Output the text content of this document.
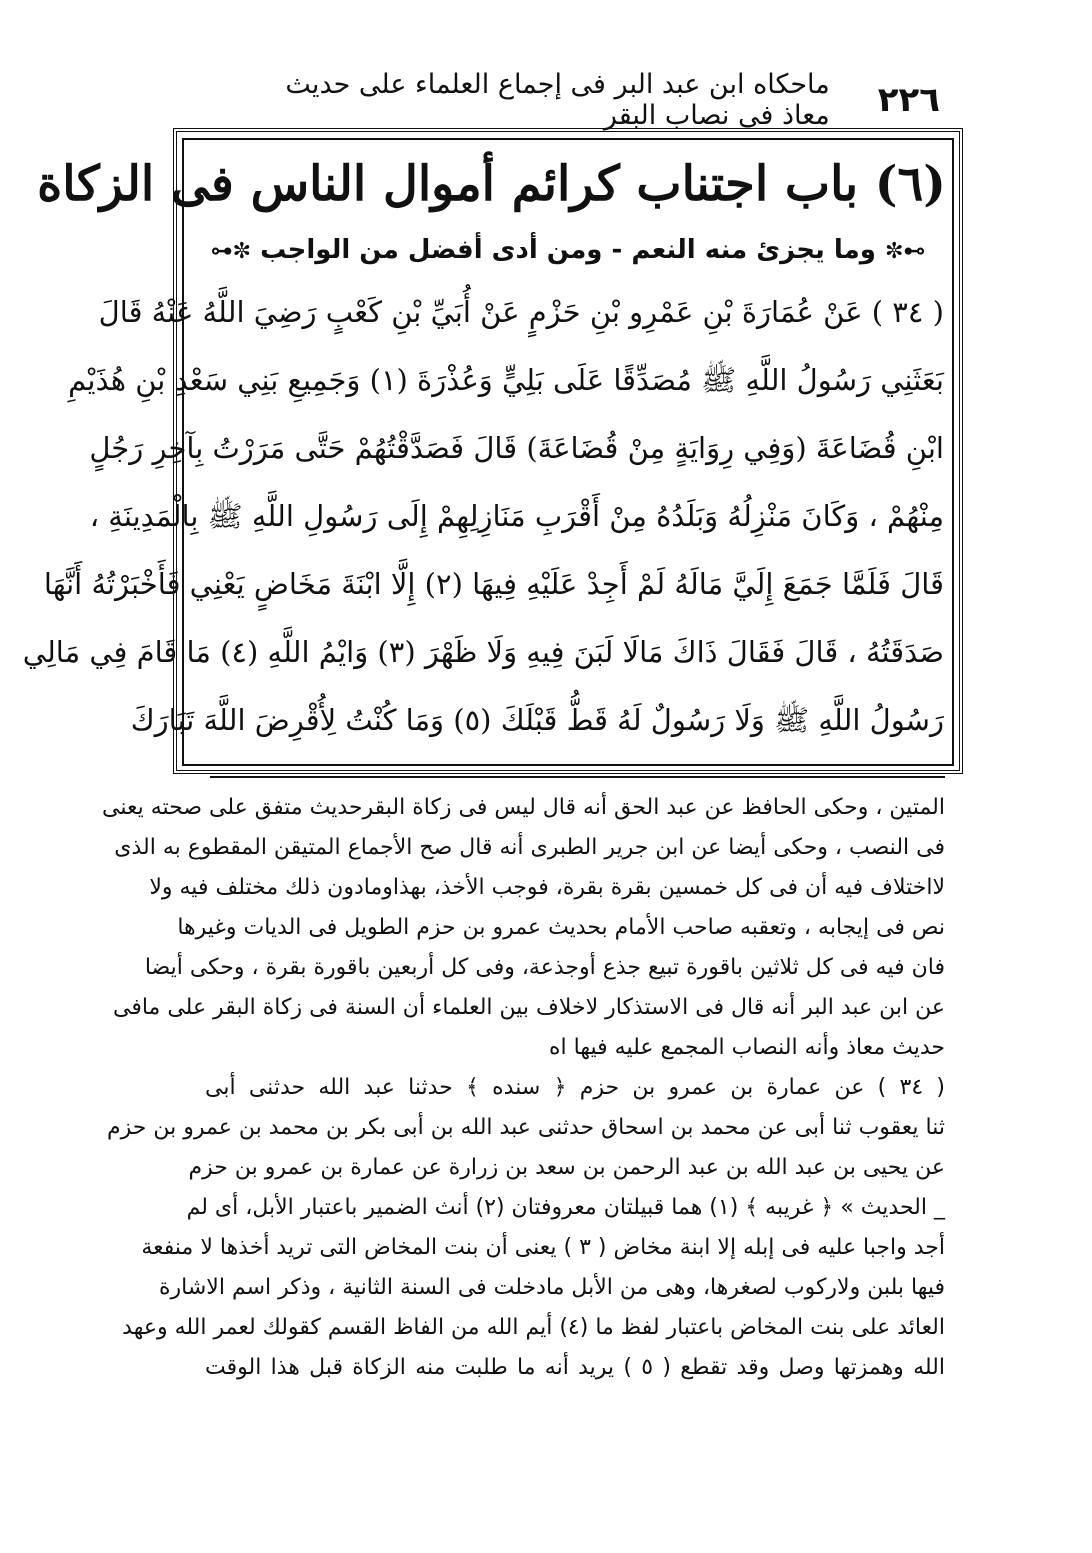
٢٢٦
ماحكاه ابن عبد البر فى إجماع العلماء على حديث معاذ فى نصاب البقر
(٦) باب اجتناب كرائم أموال الناس فى الزكاة
⊶✼ وما يجزئ منه النعم - ومن أدى أفضل من الواجب ✼⊷
( ٣٤ ) عَنْ عُمَارَةَ بْنِ عَمْرِو بْنِ حَزْمٍ عَنْ أُبَيِّ بْنِ كَعْبٍ رَضِيَ اللَّهُ عَنْهُ قَالَ
بَعَثَنِي رَسُولُ اللَّهِ ﷺ مُصَدِّقًا عَلَى بَلِيٍّ وَعُذْرَةَ (١) وَجَمِيعِ بَنِي سَعْدِ بْنِ هُذَيْمِ
ابْنِ قُضَاعَةَ (وَفِي رِوَايَةٍ مِنْ قُضَاعَةَ) قَالَ فَصَدَّقْتُهُمْ حَتَّى مَرَرْتُ بِآخِرِ رَجُلٍ
مِنْهُمْ ، وَكَانَ مَنْزِلُهُ وَبَلَدُهُ مِنْ أَقْرَبِ مَنَازِلِهِمْ إِلَى رَسُولِ اللَّهِ ﷺ بِالْمَدِينَةِ ،
قَالَ فَلَمَّا جَمَعَ إِلَيَّ مَالَهُ لَمْ أَجِدْ عَلَيْهِ فِيهَا (٢) إِلَّا ابْنَةَ مَخَاضٍ يَعْنِي فَأَخْبَرْتُهُ أَنَّهَا
صَدَقَتُهُ ، قَالَ فَقَالَ ذَاكَ مَالَا لَبَنَ فِيهِ وَلَا ظَهْرَ (٣) وَايْمُ اللَّهِ (٤) مَا قَامَ فِي مَالِي
رَسُولُ اللَّهِ ﷺ وَلَا رَسُولٌ لَهُ قَطُّ قَبْلَكَ (٥) وَمَا كُنْتُ لِأُقْرِضَ اللَّهَ تَبَارَكَ
المتين ، وحكى الحافظ عن عبد الحق أنه قال ليس فى زكاة البقرحديث متفق على صحته يعنى
فى النصب ، وحكى أيضا عن ابن جرير الطبرى أنه قال صح الأجماع المتيقن المقطوع به الذى
لااختلاف فيه أن فى كل خمسين بقرة بقرة، فوجب الأخذ، بهذاومادون ذلك مختلف فيه ولا
نص فى إيجابه ، وتعقبه صاحب الأمام بحديث عمرو بن حزم الطويل فى الديات وغيرها
فان فيه فى كل ثلاثين باقورة تبيع جذع أوجذعة، وفى كل أربعين باقورة بقرة ، وحكى أيضا
عن ابن عبد البر أنه قال فى الاستذكار لاخلاف بين العلماء أن السنة فى زكاة البقر على مافى
حديث معاذ وأنه النصاب المجمع عليه فيها اه
( ٣٤ ) عن عمارة بن عمرو بن حزم ﴿ سنده ﴾ حدثنا عبد الله حدثنى أبى
ثنا يعقوب ثنا أبى عن محمد بن اسحاق حدثنى عبد الله بن أبى بكر بن محمد بن عمرو بن حزم
عن يحيى بن عبد الله بن عبد الرحمن بن سعد بن زرارة عن عمارة بن عمرو بن حزم
_ الحديث » ﴿ غريبه ﴾ (١) هما قبيلتان معروفتان (٢) أنث الضمير باعتبار الأبل، أى لم
أجد واجبا عليه فى إبله إلا ابنة مخاض ( ٣ ) يعنى أن بنت المخاض التى تريد أخذها لا منفعة
فيها بلبن ولاركوب لصغرها، وهى من الأبل مادخلت فى السنة الثانية ، وذكر اسم الاشارة
العائد على بنت المخاض باعتبار لفظ ما (٤) أيم الله من الفاظ القسم كقولك لعمر الله وعهد
الله وهمزتها وصل وقد تقطع ( ٥ ) يريد أنه ما طلبت منه الزكاة قبل هذا الوقت
